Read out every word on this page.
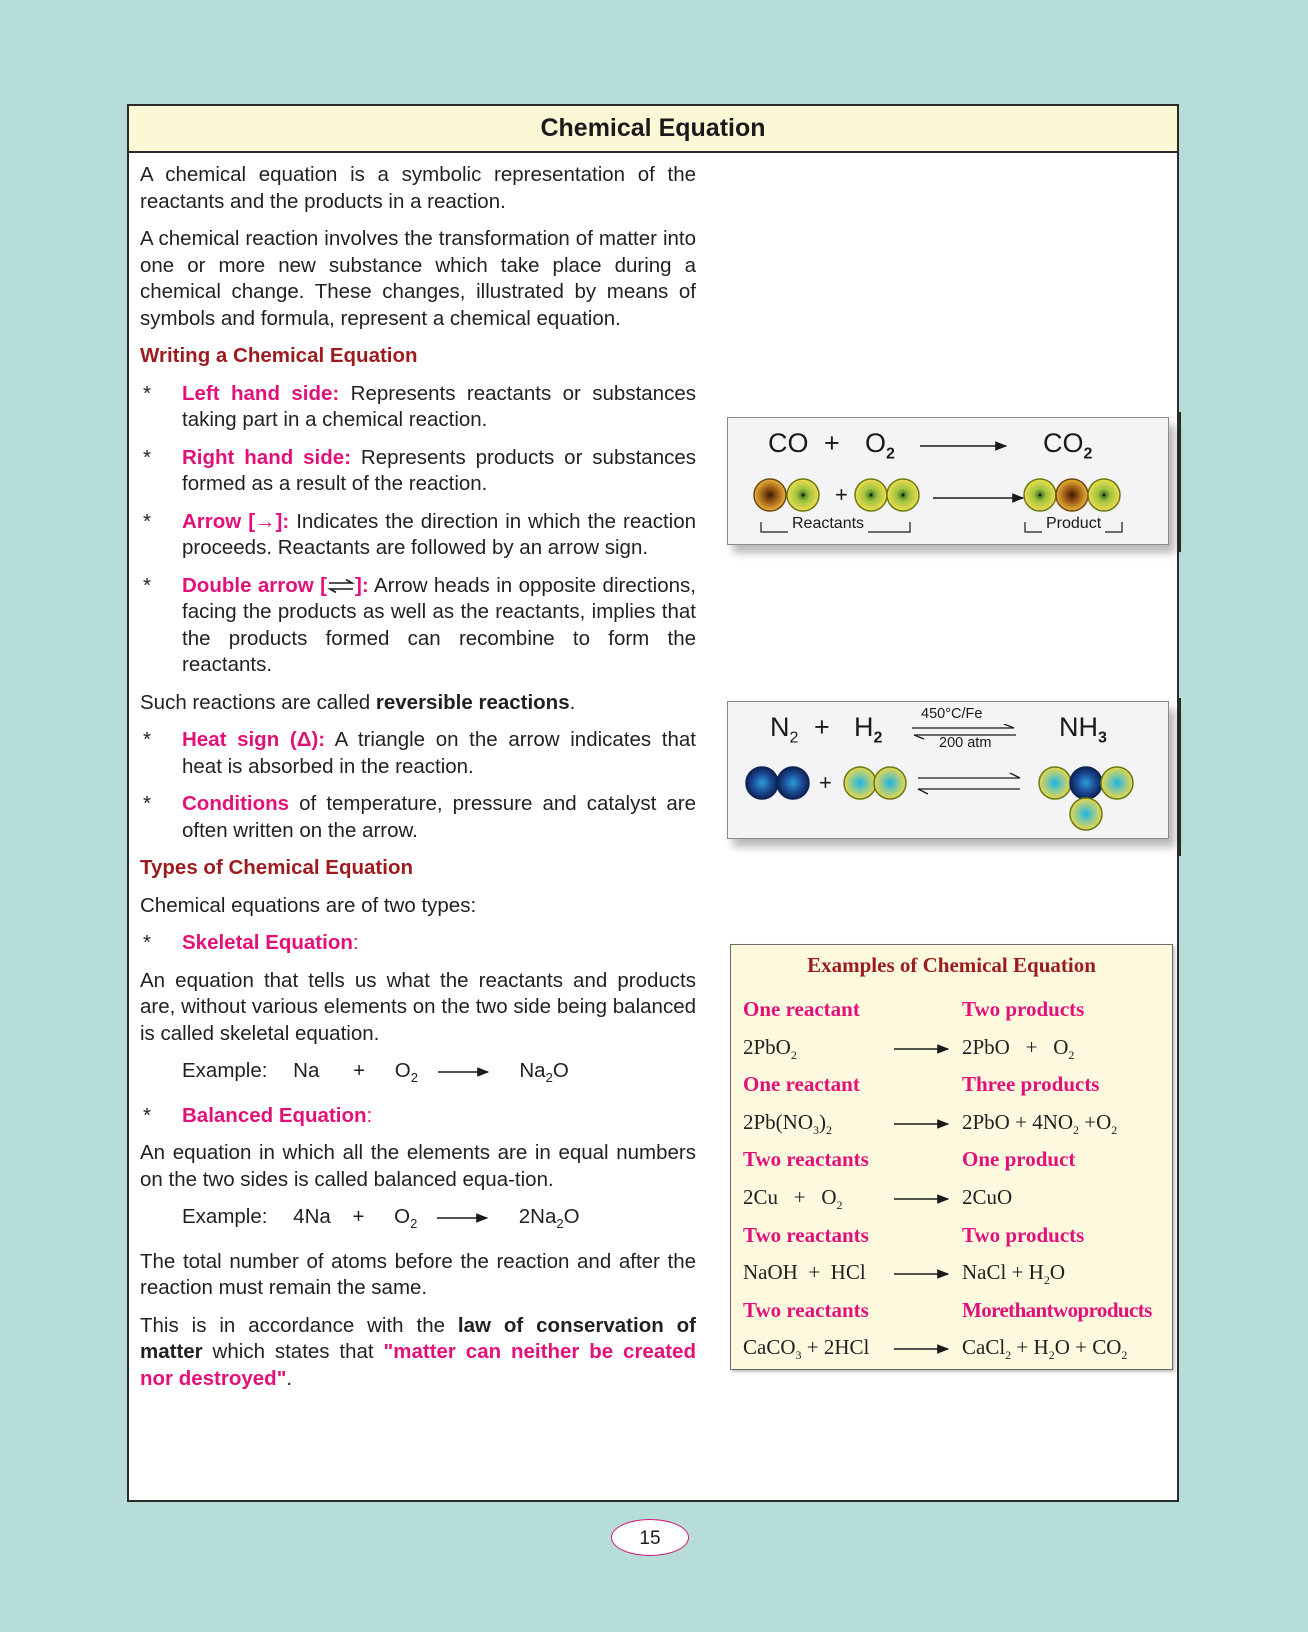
Chemical Equation

A chemical equation is a symbolic representation of the reactants and the products in a reaction.

A chemical reaction involves the transformation of matter into one or more new substance which take place during a chemical change. These changes, illustrated by means of symbols and formula, represent a chemical equation.

Writing a Chemical Equation
* Left hand side: Represents reactants or substances taking part in a chemical reaction.
* Right hand side: Represents products or substances formed as a result of the reaction.
* Arrow [→]: Indicates the direction in which the reaction proceeds. Reactants are followed by an arrow sign.
* Double arrow [ ]: Arrow heads in opposite directions, facing the products as well as the reactants, implies that the products formed can recombine to form the reactants.

Such reactions are called reversible reactions.

* Heat sign (Δ): A triangle on the arrow indicates that heat is absorbed in the reaction.
* Conditions of temperature, pressure and catalyst are often written on the arrow.
Types of Chemical Equation

Chemical equations are of two types:

* Skeletal Equation:

An equation that tells us what the reactants and products are, without various elements on the two side being balanced is called skeletal equation.

Example: $Na + O_2 \to Na_2O$
* Balanced Equation:

An equation in which all the elements are in equal numbers on the two sides is called balanced equa-tion.

Example: $4Na + O_2 \to 2Na_2O$

The total number of atoms before the reaction and after the reaction must remain the same.

This is in accordance with the law of conservation of matter which states that "matter can neither be created nor destroyed".

CO + $O_2$	$CO_2$
+
Reactants	Product
$N_2 + H_2$
450°C/Fe
200 atm
$NH_3$
+
Examples of Chemical Equation
One reactant	Two products
2PbO$_2$	$2PbO + O_2$
One reactant	Three products
$2Pb(NO_3)_2$	$2PbO + 4NO_2 +O_2$
Two reactants	One product
$2Cu + O_2$	2CuO
Two reactants	Two products
NaOH  +  HCl	NaCl + $H_2O$
Two reactants	Morethantwoproducts
CaCO$_3$ + 2HCl	CaCl$_2$ + $H_2O + CO_2$
15
